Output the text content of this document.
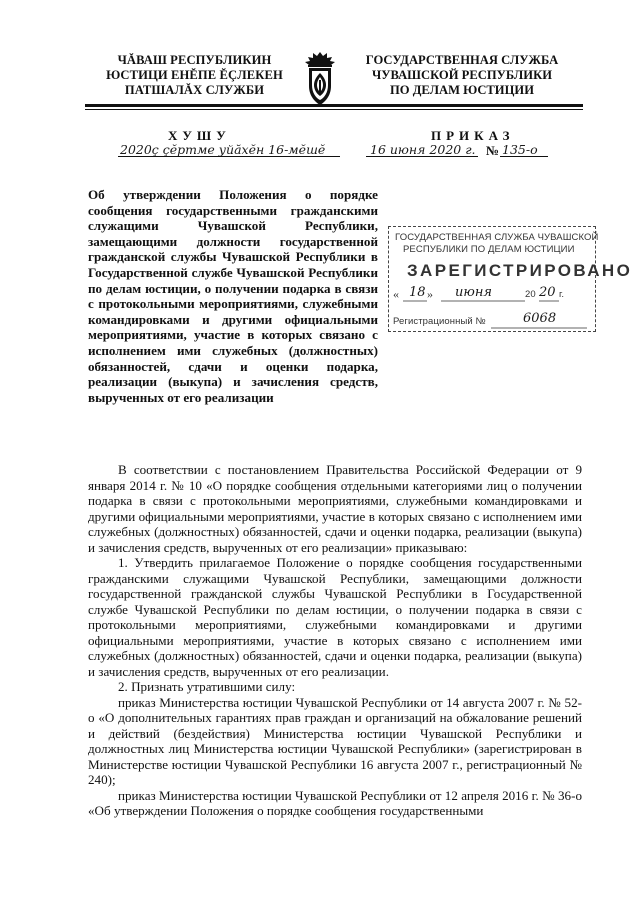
ЧĂВАШ РЕСПУБЛИКИН
ЮСТИЦИ ЕНĔПЕ ĔÇЛЕКЕН
ПАТШАЛĂХ СЛУЖБИ
ГОСУДАРСТВЕННАЯ СЛУЖБА
ЧУВАШСКОЙ РЕСПУБЛИКИ
ПО ДЕЛАМ ЮСТИЦИИ
ХУШУ	ПРИКАЗ
2020ç çĕртме уйăхĕн 16-мĕшĕ	16 июня 2020 г. № 135-о

Об утверждении Положения о порядке сообщения государственными гражданскими служащими Чувашской Республики, замещающими должности государственной гражданской службы Чувашской Республики в Государственной службе Чувашской Республики по делам юстиции, о получении подарка в связи с протокольными мероприятиями, служебными командировками и другими официальными мероприятиями, участие в которых связано с исполнением ими служебных (должностных) обязанностей, сдачи и оценки подарка, реализации (выкупа) и зачисления средств, вырученных от его реализации

ГОСУДАРСТВЕННАЯ СЛУЖБА ЧУВАШСКОЙ
РЕСПУБЛИКИ ПО ДЕЛАМ ЮСТИЦИИ
ЗАРЕГИСТРИРОВАНО
« 18 » июня	20 20 г.
Регистрационный №	6068

В соответствии с постановлением Правительства Российской Федерации от 9 января 2014 г. № 10 «О порядке сообщения отдельными категориями лиц о получении подарка в связи с протокольными мероприятиями, служебными командировками и другими официальными мероприятиями, участие в которых связано с исполнением ими служебных (должностных) обязанностей, сдачи и оценки подарка, реализации (выкупа) и зачисления средств, вырученных от его реализации» приказываю:

1. Утвердить прилагаемое Положение о порядке сообщения государственными гражданскими служащими Чувашской Республики, замещающими должности государственной гражданской службы Чувашской Республики в Государственной службе Чувашской Республики по делам юстиции, о получении подарка в связи с протокольными мероприятиями, служебными командировками и другими официальными мероприятиями, участие в которых связано с исполнением ими служебных (должностных) обязанностей, сдачи и оценки подарка, реализации (выкупа) и зачисления средств, вырученных от его реализации.

2. Признать утратившими силу:

приказ Министерства юстиции Чувашской Республики от 14 августа 2007 г. № 52-о «О дополнительных гарантиях прав граждан и организаций на обжалование решений и действий (бездействия) Министерства юстиции Чувашской Республики и должностных лиц Министерства юстиции Чувашской Республики» (зарегистрирован в Министерстве юстиции Чувашской Республики 16 августа 2007 г., регистрационный № 240);

приказ Министерства юстиции Чувашской Республики от 12 апреля 2016 г. № 36-о «Об утверждении Положения о порядке сообщения государственными
